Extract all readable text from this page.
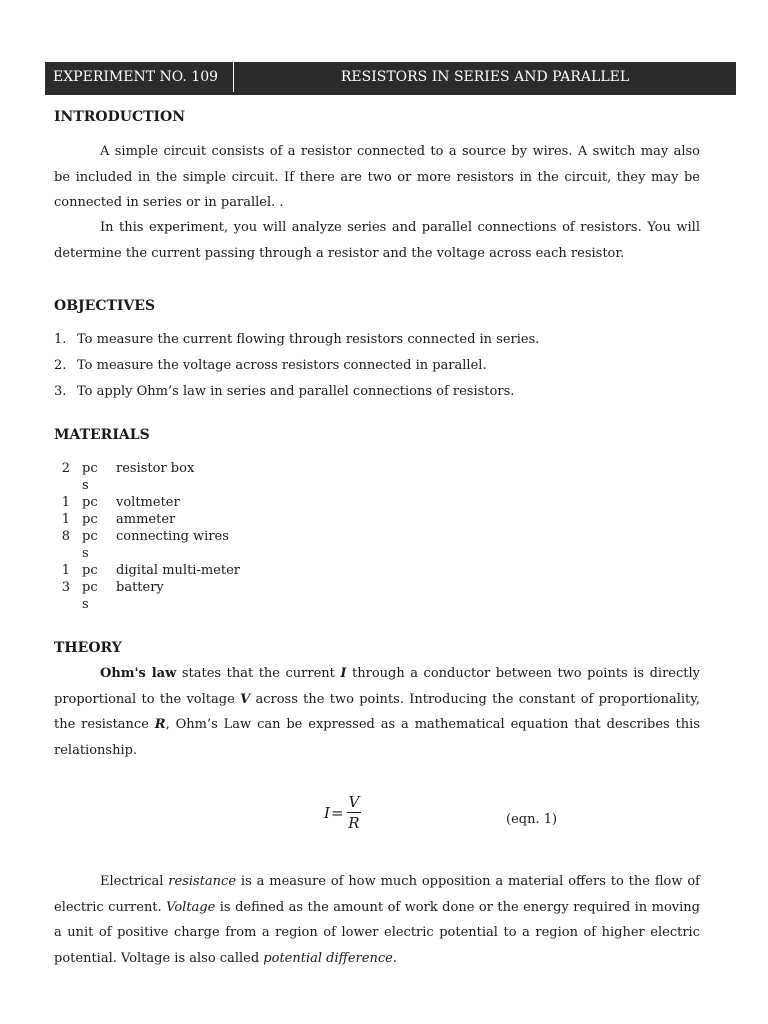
EXPERIMENT NO. 109	RESISTORS IN SERIES AND PARALLEL
INTRODUCTION
A simple circuit consists of a resistor connected to a source by wires. A switch may also be included in the simple circuit. If there are two or more resistors in the circuit, they may be connected in series or in parallel. .
In this experiment, you will analyze series and parallel connections of resistors. You will determine the current passing through a resistor and the voltage across each resistor.
OBJECTIVES
1. To measure the current flowing through resistors connected in series.
2. To measure the voltage across resistors connected in parallel.
3. To apply Ohm’s law in series and parallel connections of resistors.
MATERIALS
2 pcs
resistor box
1 pc voltmeter
1 pc ammeter
8 pcs
connecting wires
1 pc digital multi-meter
3 pcs
battery
THEORY
Ohm's law states that the current I through a conductor between two points is directly proportional to the voltage V across the two points. Introducing the constant of proportionality, the resistance R, Ohm’s Law can be expressed as a mathematical equation that describes this relationship.
$I = \frac{V}{R}$	(eqn. 1)
Electrical resistance is a measure of how much opposition a material offers to the flow of electric current. Voltage is defined as the amount of work done or the energy required in moving a unit of positive charge from a region of lower electric potential to a region of higher electric potential. Voltage is also called potential difference.
